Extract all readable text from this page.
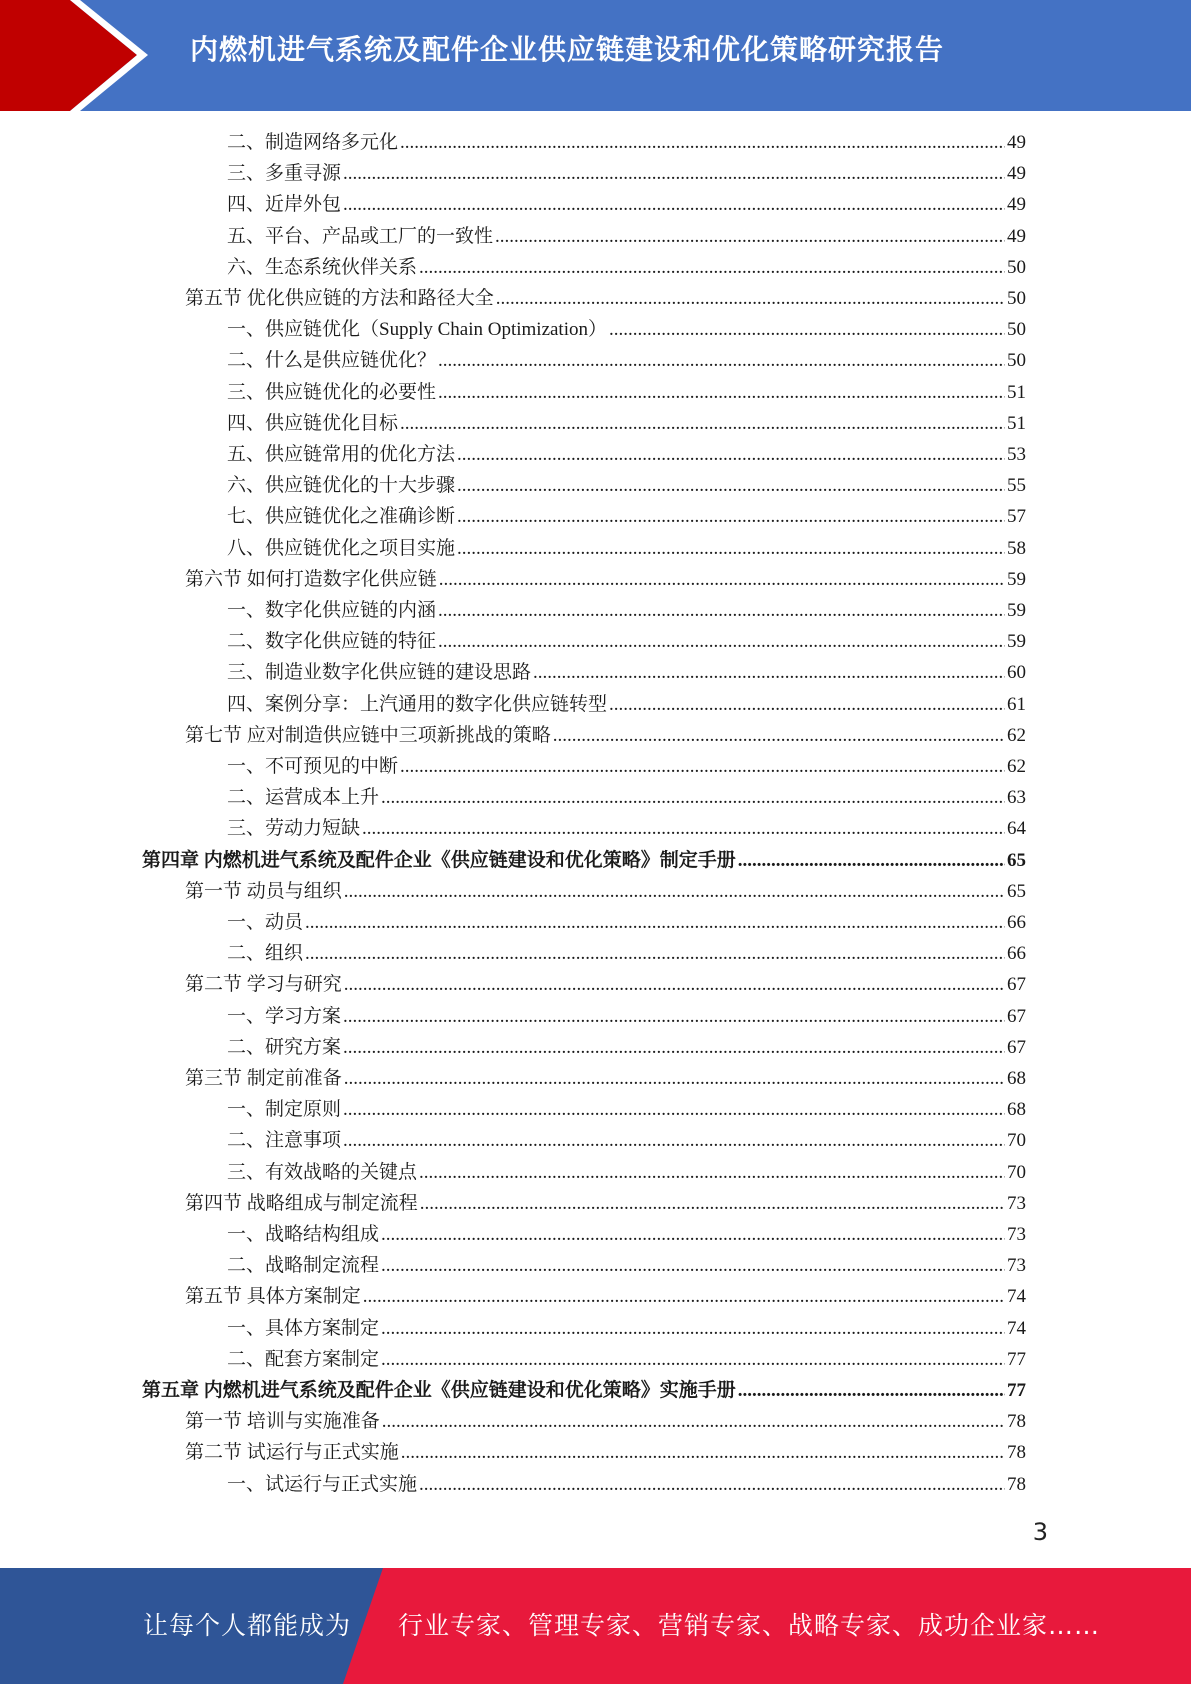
内燃机进气系统及配件企业供应链建设和优化策略研究报告
二、制造网络多元化 .....	49
三、多重寻源 .....	49
四、近岸外包 .....	49
五、平台、产品或工厂的一致性 .....	49
六、生态系统伙伴关系 .....	50
第五节 优化供应链的方法和路径大全 .....	50
一、供应链优化（Supply Chain Optimization） .....	50
二、什么是供应链优化？ .....	50
三、供应链优化的必要性 .....	51
四、供应链优化目标 .....	51
五、供应链常用的优化方法 .....	53
六、供应链优化的十大步骤 .....	55
七、供应链优化之准确诊断 .....	57
八、供应链优化之项目实施 .....	58
第六节 如何打造数字化供应链 .....	59
一、数字化供应链的内涵 .....	59
二、数字化供应链的特征 .....	59
三、制造业数字化供应链的建设思路 .....	60
四、案例分享：上汽通用的数字化供应链转型 .....	61
第七节 应对制造供应链中三项新挑战的策略 .....	62
一、不可预见的中断 .....	62
二、运营成本上升 .....	63
三、劳动力短缺 .....	64
第四章 内燃机进气系统及配件企业《供应链建设和优化策略》制定手册 .....	65
第一节 动员与组织 .....	65
一、动员 .....	66
二、组织 .....	66
第二节 学习与研究 .....	67
一、学习方案 .....	67
二、研究方案 .....	67
第三节 制定前准备 .....	68
一、制定原则 .....	68
二、注意事项 .....	70
三、有效战略的关键点 .....	70
第四节 战略组成与制定流程 .....	73
一、战略结构组成 .....	73
二、战略制定流程 .....	73
第五节 具体方案制定 .....	74
一、具体方案制定 .....	74
二、配套方案制定 .....	77
第五章 内燃机进气系统及配件企业《供应链建设和优化策略》实施手册 .....	77
第一节 培训与实施准备 .....	78
第二节 试运行与正式实施 .....	78
一、试运行与正式实施 .....	78
3
让每个人都能成为 行业专家、管理专家、营销专家、战略专家、成功企业家……
